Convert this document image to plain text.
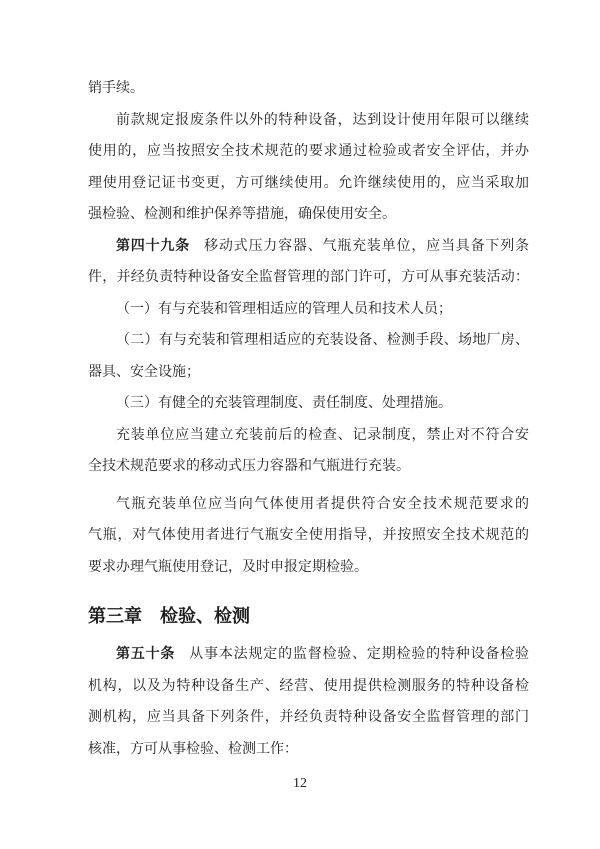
销手续。
前款规定报废条件以外的特种设备，达到设计使用年限可以继续
使用的，应当按照安全技术规范的要求通过检验或者安全评估，并办
理使用登记证书变更，方可继续使用。允许继续使用的，应当采取加
强检验、检测和维护保养等措施，确保使用安全。
第四十九条 移动式压力容器、气瓶充装单位，应当具备下列条
件，并经负责特种设备安全监督管理的部门许可，方可从事充装活动：
（一）有与充装和管理相适应的管理人员和技术人员；
（二）有与充装和管理相适应的充装设备、检测手段、场地厂房、
器具、安全设施；
（三）有健全的充装管理制度、责任制度、处理措施。
充装单位应当建立充装前后的检查、记录制度，禁止对不符合安
全技术规范要求的移动式压力容器和气瓶进行充装。
气瓶充装单位应当向气体使用者提供符合安全技术规范要求的
气瓶，对气体使用者进行气瓶安全使用指导，并按照安全技术规范的
要求办理气瓶使用登记，及时申报定期检验。
第三章 检验、检测
第五十条 从事本法规定的监督检验、定期检验的特种设备检验
机构，以及为特种设备生产、经营、使用提供检测服务的特种设备检
测机构，应当具备下列条件，并经负责特种设备安全监督管理的部门
核准，方可从事检验、检测工作：
12
